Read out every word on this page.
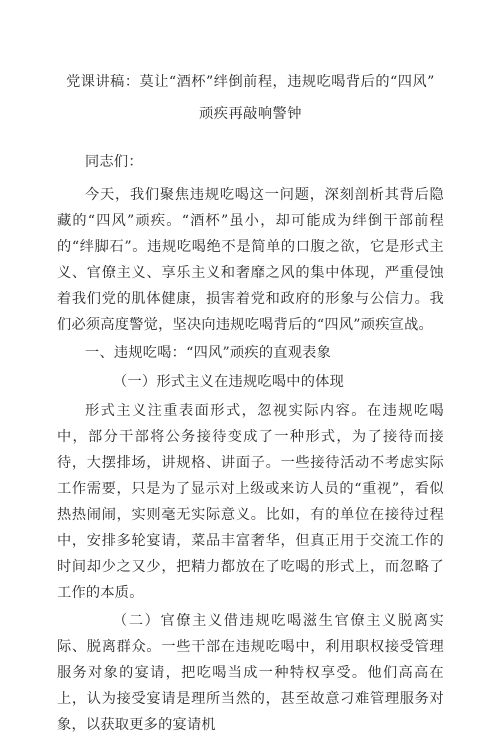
党课讲稿：莫让“酒杯”绊倒前程，违规吃喝背后的“四风”
顽疾再敲响警钟

同志们：

今天，我们聚焦违规吃喝这一问题，深刻剖析其背后隐藏的“四风”顽疾。“酒杯”虽小，却可能成为绊倒干部前程的“绊脚石”。违规吃喝绝不是简单的口腹之欲，它是形式主义、官僚主义、享乐主义和奢靡之风的集中体现，严重侵蚀着我们党的肌体健康，损害着党和政府的形象与公信力。我们必须高度警觉，坚决向违规吃喝背后的“四风”顽疾宣战。

一、违规吃喝：“四风”顽疾的直观表象

（一）形式主义在违规吃喝中的体现

形式主义注重表面形式，忽视实际内容。在违规吃喝中，部分干部将公务接待变成了一种形式，为了接待而接待，大摆排场，讲规格、讲面子。一些接待活动不考虑实际工作需要，只是为了显示对上级或来访人员的“重视”，看似热热闹闹，实则毫无实际意义。比如，有的单位在接待过程中，安排多轮宴请，菜品丰富奢华，但真正用于交流工作的时间却少之又少，把精力都放在了吃喝的形式上，而忽略了工作的本质。

（二）官僚主义借违规吃喝滋生官僚主义脱离实际、脱离群众。一些干部在违规吃喝中，利用职权接受管理服务对象的宴请，把吃喝当成一种特权享受。他们高高在上，认为接受宴请是理所当然的，甚至故意刁难管理服务对象，以获取更多的宴请机
